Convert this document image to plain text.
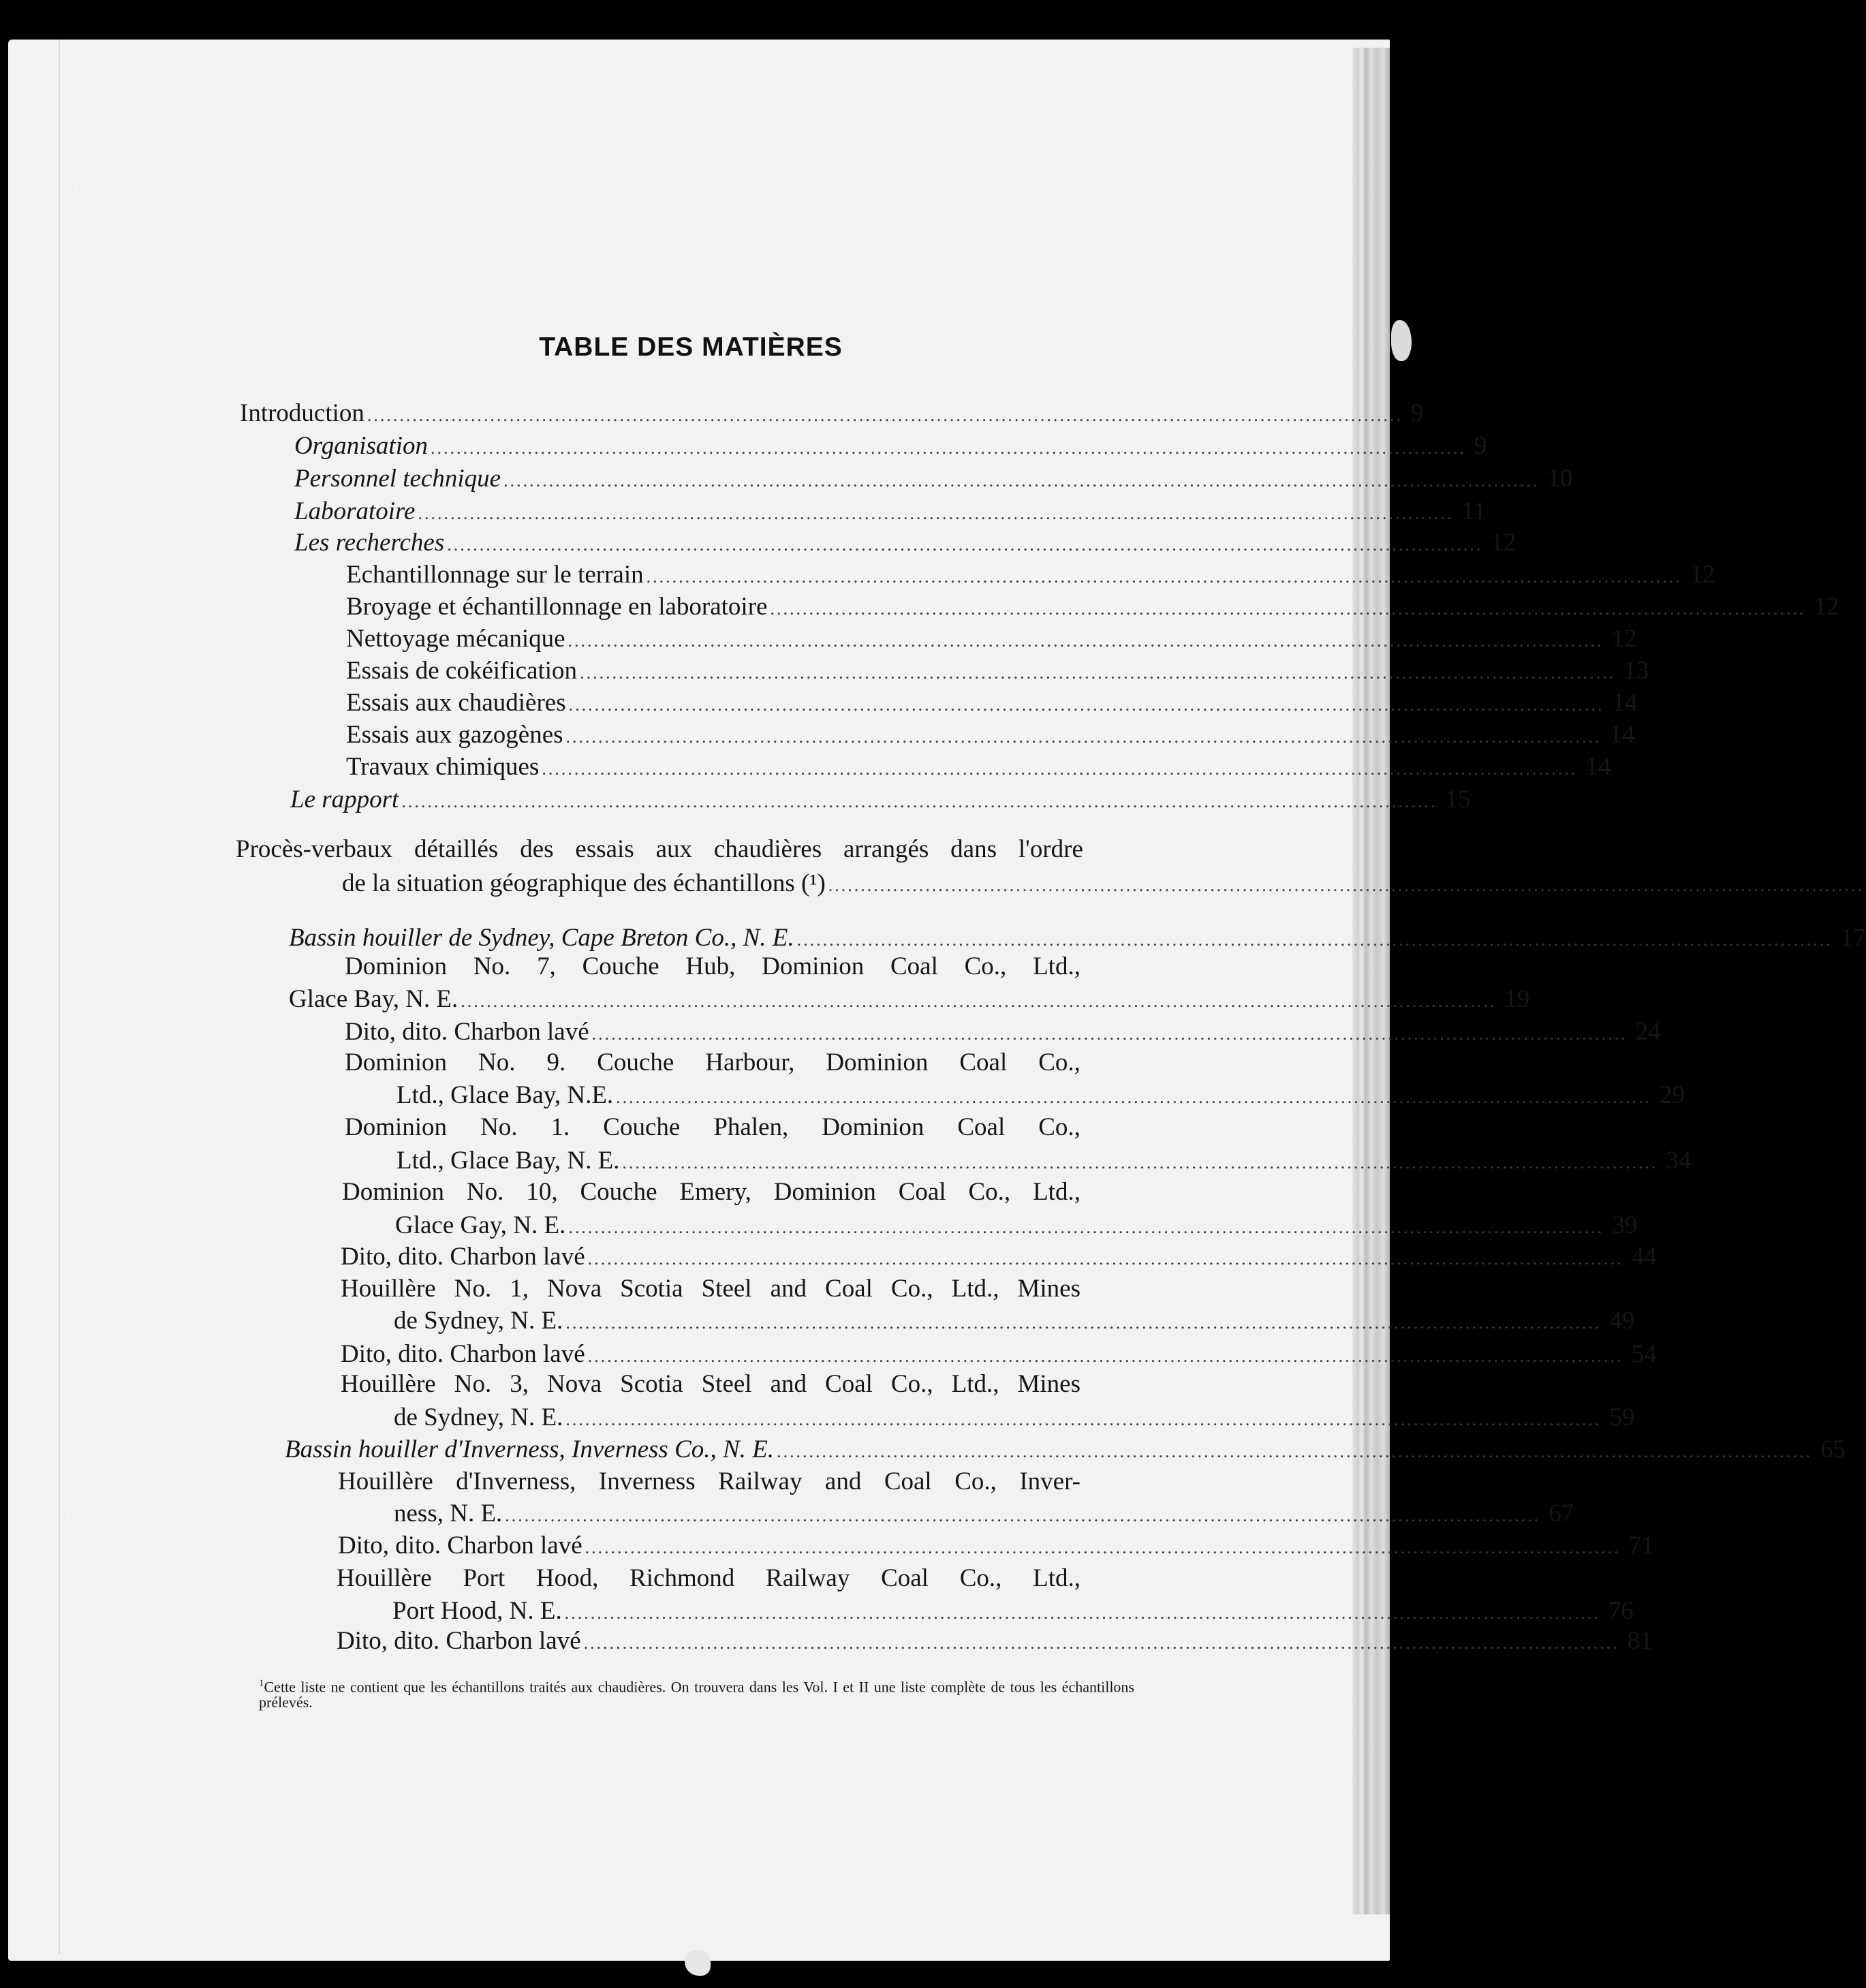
TABLE DES MATIÈRES
Introduction ................................................................................................................................................................ 9
Organisation ................................................................................................................................................................ 9
Personnel technique ................................................................................................................................................................ 10
Laboratoire ................................................................................................................................................................ 11
Les recherches ................................................................................................................................................................ 12
Echantillonnage sur le terrain ................................................................................................................................................................ 12
Broyage et échantillonnage en laboratoire ................................................................................................................................................................ 12
Nettoyage mécanique ................................................................................................................................................................ 12
Essais de cokéification ................................................................................................................................................................ 13
Essais aux chaudières ................................................................................................................................................................ 14
Essais aux gazogènes ................................................................................................................................................................ 14
Travaux chimiques ................................................................................................................................................................ 14
Le rapport ................................................................................................................................................................ 15
Procès-verbaux détaillés des essais aux chaudières arrangés dans l'ordre
de la situation géographique des échantillons (¹) ................................................................................................................................................................
Bassin houiller de Sydney, Cape Breton Co., N. E. ................................................................................................................................................................ 17
Dominion No. 7, Couche Hub, Dominion Coal Co., Ltd.,
Glace Bay, N. E. ................................................................................................................................................................ 19
Dito, dito. Charbon lavé ................................................................................................................................................................ 24
Dominion No. 9. Couche Harbour, Dominion Coal Co.,
Ltd., Glace Bay, N.E. ................................................................................................................................................................ 29
Dominion No. 1. Couche Phalen, Dominion Coal Co.,
Ltd., Glace Bay, N. E. ................................................................................................................................................................ 34
Dominion No. 10, Couche Emery, Dominion Coal Co., Ltd.,
Glace Gay, N. E. ................................................................................................................................................................ 39
Dito, dito. Charbon lavé ................................................................................................................................................................ 44
Houillère No. 1, Nova Scotia Steel and Coal Co., Ltd., Mines
de Sydney, N. E. ................................................................................................................................................................ 49
Dito, dito. Charbon lavé ................................................................................................................................................................ 54
Houillère No. 3, Nova Scotia Steel and Coal Co., Ltd., Mines
de Sydney, N. E. ................................................................................................................................................................ 59
Bassin houiller d'Inverness, Inverness Co., N. E. ................................................................................................................................................................ 65
Houillère d'Inverness, Inverness Railway and Coal Co., Inver-
ness, N. E. ................................................................................................................................................................ 67
Dito, dito. Charbon lavé ................................................................................................................................................................ 71
Houillère Port Hood, Richmond Railway Coal Co., Ltd.,
Port Hood, N. E. ................................................................................................................................................................ 76
Dito, dito. Charbon lavé ................................................................................................................................................................ 81
$^1$Cette liste ne contient que les échantillons traités aux chaudières. On trouvera dans les Vol. I et II une liste complète de tous les échantillons prélevés.
